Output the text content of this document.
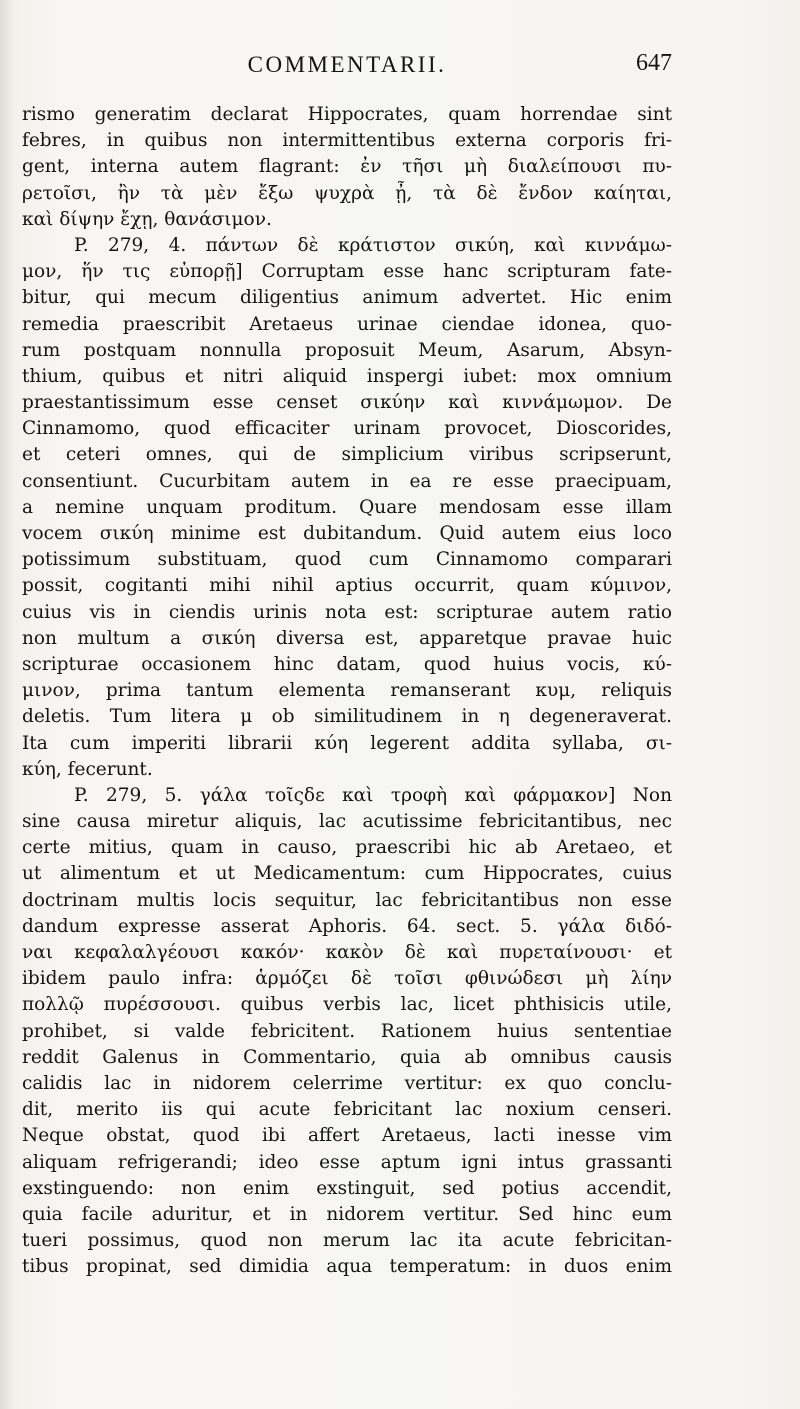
COMMENTARII.	647
rismo generatim declarat Hippocrates, quam horrendae sint
febres, in quibus non intermittentibus externa corporis fri-
gent, interna autem flagrant: ἐν τῆσι μὴ διαλείπουσι πυ-
ρετοῖσι, ἢν τὰ μὲν ἔξω ψυχρὰ ᾖ, τὰ δὲ ἔνδον καίηται,
καὶ δίψην ἔχῃ, θανάσιμον.
P. 279, 4. πάντων δὲ κράτιστον σικύη, καὶ κιννάμω-
μον, ἥν τις εὐπορῇ] Corruptam esse hanc scripturam fate-
bitur, qui mecum diligentius animum advertet. Hic enim
remedia praescribit Aretaeus urinae ciendae idonea, quo-
rum postquam nonnulla proposuit Meum, Asarum, Absyn-
thium, quibus et nitri aliquid inspergi iubet: mox omnium
praestantissimum esse censet σικύην καὶ κιννάμωμον. De
Cinnamomo, quod efficaciter urinam provocet, Dioscorides,
et ceteri omnes, qui de simplicium viribus scripserunt,
consentiunt. Cucurbitam autem in ea re esse praecipuam,
a nemine unquam proditum. Quare mendosam esse illam
vocem σικύη minime est dubitandum. Quid autem eius loco
potissimum substituam, quod cum Cinnamomo comparari
possit, cogitanti mihi nihil aptius occurrit, quam κύμινον,
cuius vis in ciendis urinis nota est: scripturae autem ratio
non multum a σικύη diversa est, apparetque pravae huic
scripturae occasionem hinc datam, quod huius vocis, κύ-
μινον, prima tantum elementa remanserant κυμ, reliquis
deletis. Tum litera μ ob similitudinem in η degeneraverat.
Ita cum imperiti librarii κύη legerent addita syllaba, σι-
κύη, fecerunt.
P. 279, 5. γάλα τοῖςδε καὶ τροφὴ καὶ φάρμακον] Non
sine causa miretur aliquis, lac acutissime febricitantibus, nec
certe mitius, quam in causo, praescribi hic ab Aretaeo, et
ut alimentum et ut Medicamentum: cum Hippocrates, cuius
doctrinam multis locis sequitur, lac febricitantibus non esse
dandum expresse asserat Aphoris. 64. sect. 5. γάλα διδό-
ναι κεφαλαλγέουσι κακόν· κακὸν δὲ καὶ πυρεταίνουσι· et
ibidem paulo infra: ἁρμόζει δὲ τοῖσι φθινώδεσι μὴ λίην
πολλῷ πυρέσσουσι. quibus verbis lac, licet phthisicis utile,
prohibet, si valde febricitent. Rationem huius sententiae
reddit Galenus in Commentario, quia ab omnibus causis
calidis lac in nidorem celerrime vertitur: ex quo conclu-
dit, merito iis qui acute febricitant lac noxium censeri.
Neque obstat, quod ibi affert Aretaeus, lacti inesse vim
aliquam refrigerandi; ideo esse aptum igni intus grassanti
exstinguendo: non enim exstinguit, sed potius accendit,
quia facile aduritur, et in nidorem vertitur. Sed hinc eum
tueri possimus, quod non merum lac ita acute febricitan-
tibus propinat, sed dimidia aqua temperatum: in duos enim
